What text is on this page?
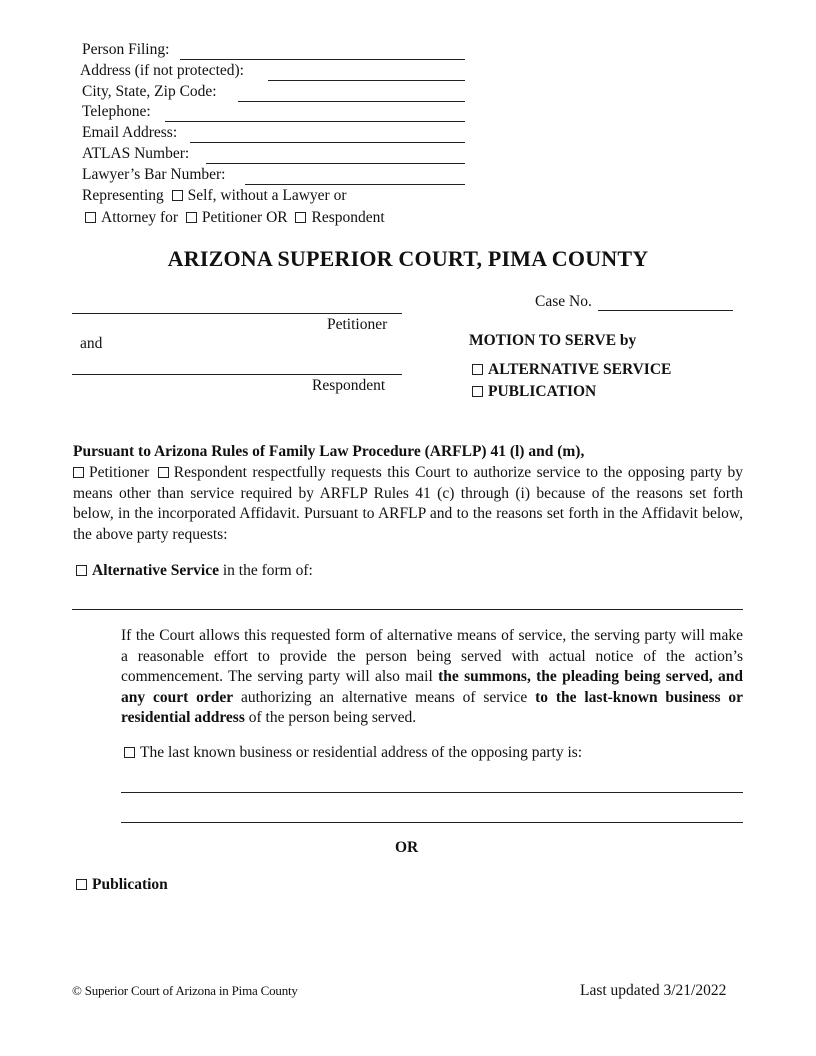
Person Filing:
Address (if not protected):
City, State, Zip Code:
Telephone:
Email Address:
ATLAS Number:
Lawyer’s Bar Number:
Representing Self, without a Lawyer or
Attorney for Petitioner OR Respondent
ARIZONA SUPERIOR COURT, PIMA COUNTY
Petitioner
and
Respondent
Case No.
MOTION TO SERVE by
ALTERNATIVE SERVICE
PUBLICATION
Pursuant to Arizona Rules of Family Law Procedure (ARFLP) 41 (l) and (m),
Petitioner Respondent respectfully requests this Court to authorize service to the opposing party by means other than service required by ARFLP Rules 41 (c) through (i) because of the reasons set forth below, in the incorporated Affidavit. Pursuant to ARFLP and to the reasons set forth in the Affidavit below, the above party requests:
Alternative Service in the form of:
If the Court allows this requested form of alternative means of service, the serving party will make a reasonable effort to provide the person being served with actual notice of the action’s commencement. The serving party will also mail the summons, the pleading being served, and any court order authorizing an alternative means of service to the last-known business or residential address of the person being served.
The last known business or residential address of the opposing party is:
OR
Publication
© Superior Court of Arizona in Pima County	Last updated 3/21/2022
